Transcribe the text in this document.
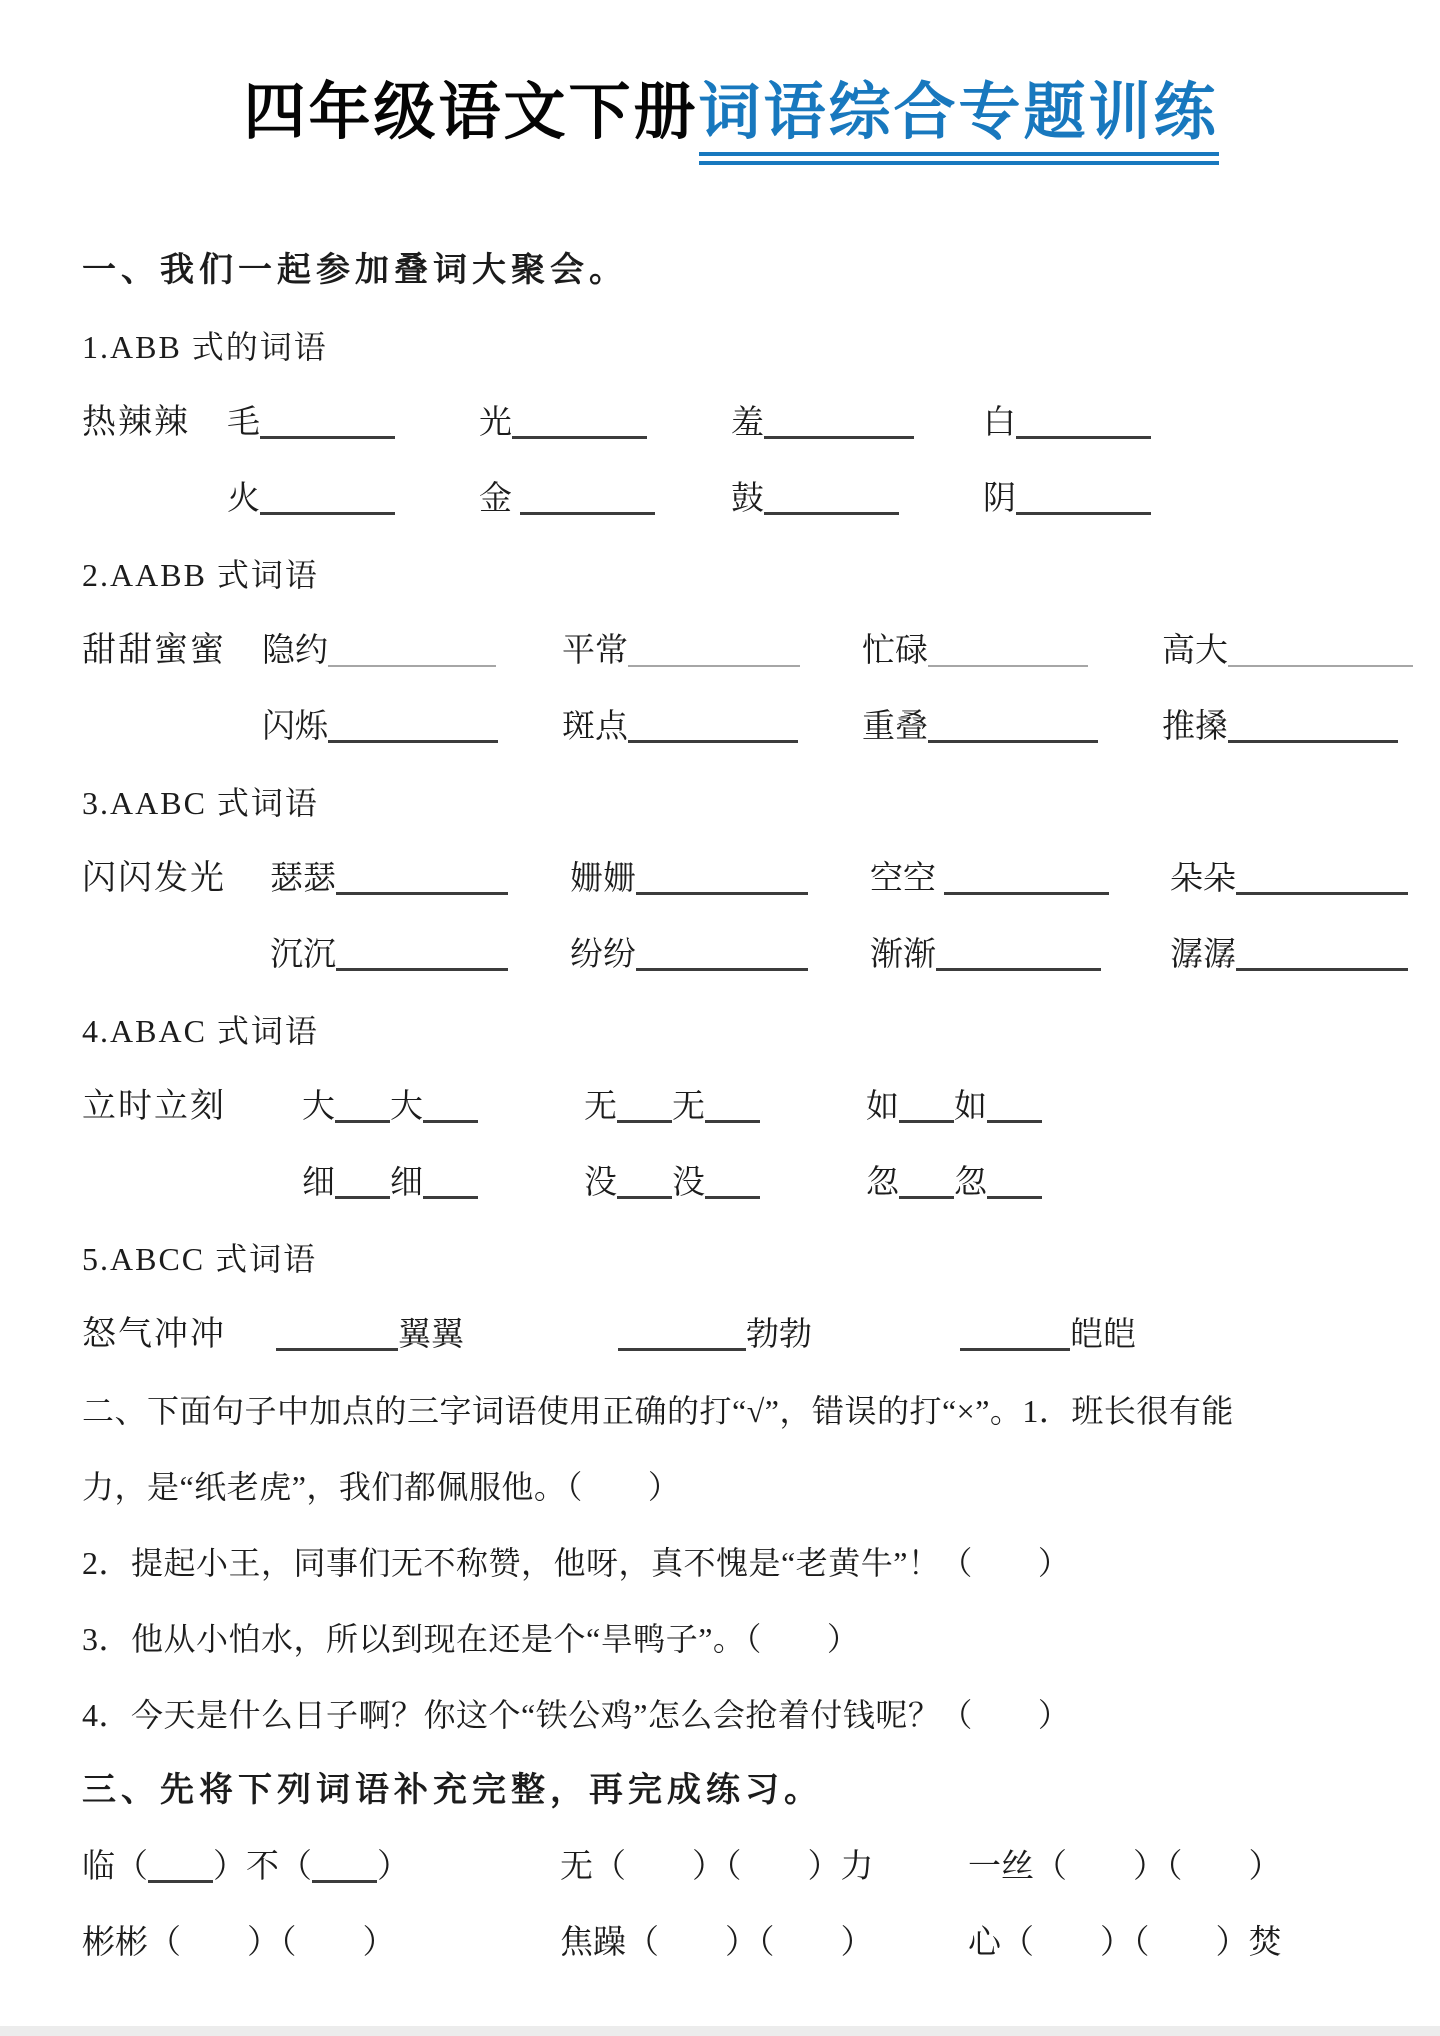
四年级语文下册词语综合专题训练
一、我们一起参加叠词大聚会。
1.ABB 式的词语
热辣辣	毛	光	羞	白
火	金	鼓	阴
2.AABB 式词语
甜甜蜜蜜	隐约	平常	忙碌	高大
闪烁	斑点	重叠	推搡
3.AABC 式词语
闪闪发光	瑟瑟	姗姗	空空	朵朵
沉沉	纷纷	渐渐	潺潺
4.ABAC 式词语
立时立刻	大 大	无 无	如 如
细 细	没 没	忽 忽
5.ABCC 式词语
怒气冲冲	翼翼	勃勃	皑皑
二、下面句子中加点的三字词语使用正确的打“√”，错误的打“×”。1．班长很有能
力，是“纸老虎”，我们都佩服他。（　　）
2．提起小王，同事们无不称赞，他呀，真不愧是“老黄牛”！（　　）
3．他从小怕水，所以到现在还是个“旱鸭子”。（　　）
4．今天是什么日子啊？你这个“铁公鸡”怎么会抢着付钱呢？（　　）
三、先将下列词语补充完整，再完成练习。
临（ ）不（ ）	无（　　）（　　）力	一丝（　　）（　　）
彬彬（　　）（　　）	焦躁（　　）（　　）	心（　　）（　　）焚
